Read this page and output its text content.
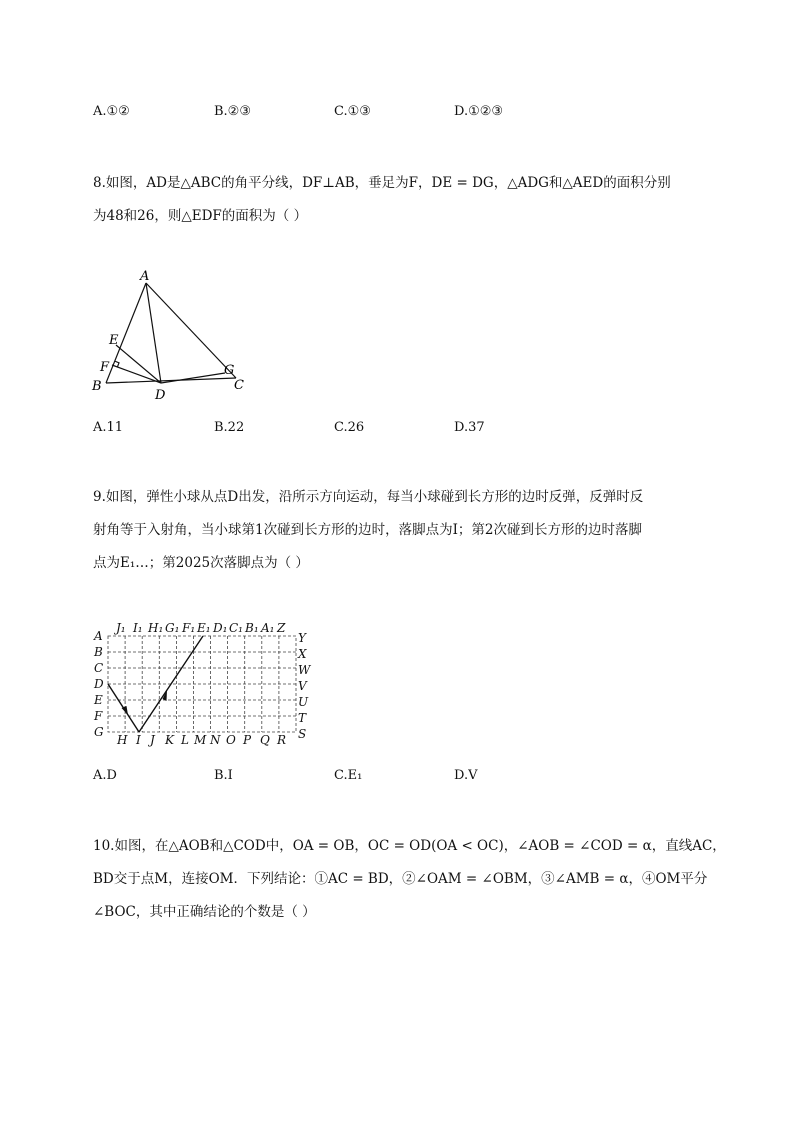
A.①②	B.②③	C.①③	D.①②③
8.如图，AD是△ABC的角平分线，DF⊥AB，垂足为F，DE = DG，△ADG和△AED的面积分别
为48和26，则△EDF的面积为（ ）
A
E
F
B
D
G
C
A.11	B.22	C.26	D.37
9.如图，弹性小球从点D出发，沿所示方向运动，每当小球碰到长方形的边时反弹，反弹时反
射角等于入射角，当小球第1次碰到长方形的边时，落脚点为I；第2次碰到长方形的边时落脚
点为E₁…；第2025次落脚点为（ ）
J₁ I₁ H₁ G₁ F₁ E₁ D₁ C₁ B₁ A₁ Z
A
B
C
D
E
F
G
Y
X
W
V
U
T
S
H I J K L M N O P Q R
A.D	B.I	C.E₁	D.V
10.如图，在△AOB和△COD中，OA = OB，OC = OD(OA < OC)，∠AOB = ∠COD = α，直线AC，
BD交于点M，连接OM．下列结论：①AC = BD，②∠OAM = ∠OBM，③∠AMB = α，④OM平分
∠BOC，其中正确结论的个数是（ ）
